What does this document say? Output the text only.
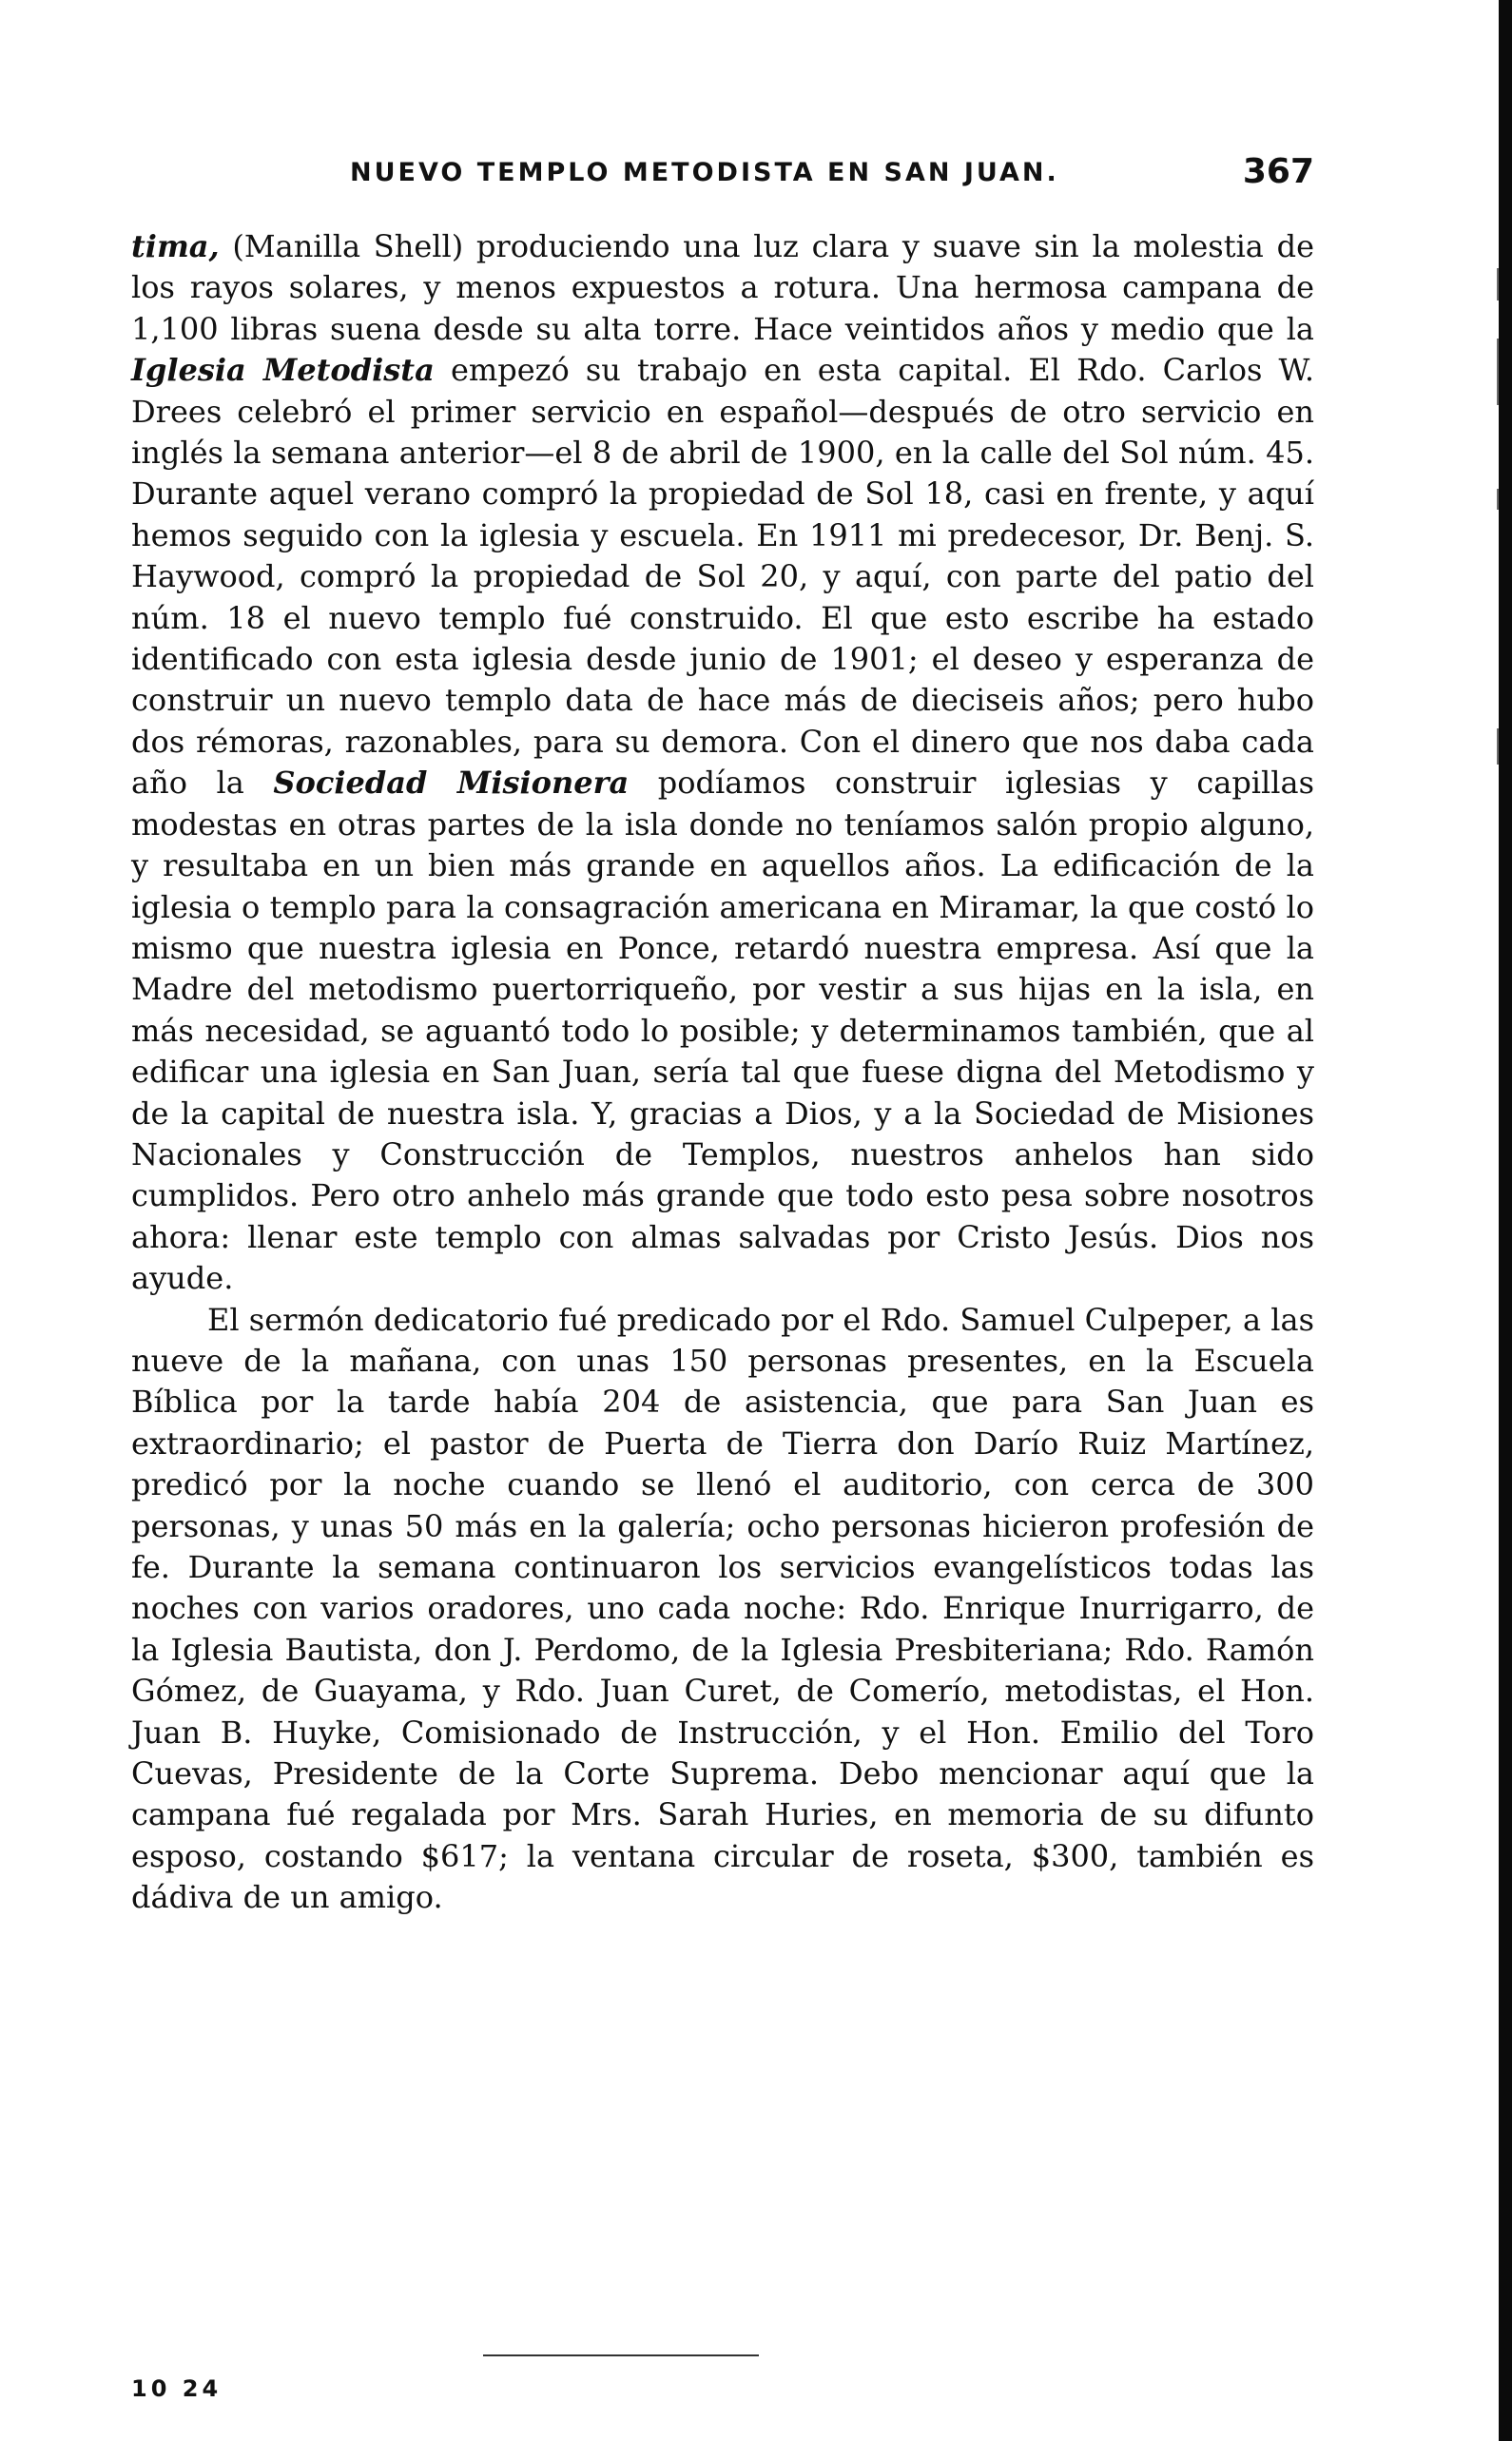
NUEVO TEMPLO METODISTA EN SAN JUAN.	367

tima, (Manilla Shell) produciendo una luz clara y suave sin la molestia de los rayos solares, y menos expuestos a rotura. Una hermosa campana de 1,100 libras suena desde su alta torre. Hace veintidos años y medio que la Iglesia Metodista empezó su trabajo en esta capital. El Rdo. Carlos W. Drees celebró el primer servicio en español—después de otro servicio en inglés la semana anterior—el 8 de abril de 1900, en la calle del Sol núm. 45. Durante aquel verano compró la propiedad de Sol 18, casi en frente, y aquí hemos seguido con la iglesia y escuela. En 1911 mi predecesor, Dr. Benj. S. Haywood, compró la propiedad de Sol 20, y aquí, con parte del patio del núm. 18 el nuevo templo fué construido. El que esto escribe ha estado identificado con esta iglesia desde junio de 1901; el deseo y esperanza de construir un nuevo templo data de hace más de dieciseis años; pero hubo dos rémoras, razonables, para su demora. Con el dinero que nos daba cada año la Sociedad Misionera podíamos construir iglesias y capillas modestas en otras partes de la isla donde no teníamos salón propio alguno, y resultaba en un bien más grande en aquellos años. La edificación de la iglesia o templo para la consagración americana en Miramar, la que costó lo mismo que nuestra iglesia en Ponce, retardó nuestra empresa. Así que la Madre del metodismo puertorriqueño, por vestir a sus hijas en la isla, en más necesidad, se aguantó todo lo posible; y determinamos también, que al edificar una iglesia en San Juan, sería tal que fuese digna del Metodismo y de la capital de nuestra isla. Y, gracias a Dios, y a la Sociedad de Misiones Nacionales y Construcción de Templos, nuestros anhelos han sido cumplidos. Pero otro anhelo más grande que todo esto pesa sobre nosotros ahora: llenar este templo con almas salvadas por Cristo Jesús. Dios nos ayude.

El sermón dedicatorio fué predicado por el Rdo. Samuel Culpeper, a las nueve de la mañana, con unas 150 personas presentes, en la Escuela Bíblica por la tarde había 204 de asistencia, que para San Juan es extraordinario; el pastor de Puerta de Tierra don Darío Ruiz Martínez, predicó por la noche cuando se llenó el auditorio, con cerca de 300 personas, y unas 50 más en la galería; ocho personas hicieron profesión de fe. Durante la semana continuaron los servicios evangelísticos todas las noches con varios oradores, uno cada noche: Rdo. Enrique Inurrigarro, de la Iglesia Bautista, don J. Perdomo, de la Iglesia Presbiteriana; Rdo. Ramón Gómez, de Guayama, y Rdo. Juan Curet, de Comerío, metodistas, el Hon. Juan B. Huyke, Comisionado de Instrucción, y el Hon. Emilio del Toro Cuevas, Presidente de la Corte Suprema. Debo mencionar aquí que la campana fué regalada por Mrs. Sarah Huries, en memoria de su difunto esposo, costando $617; la ventana circular de roseta, $300, también es dádiva de un amigo.

10 24
